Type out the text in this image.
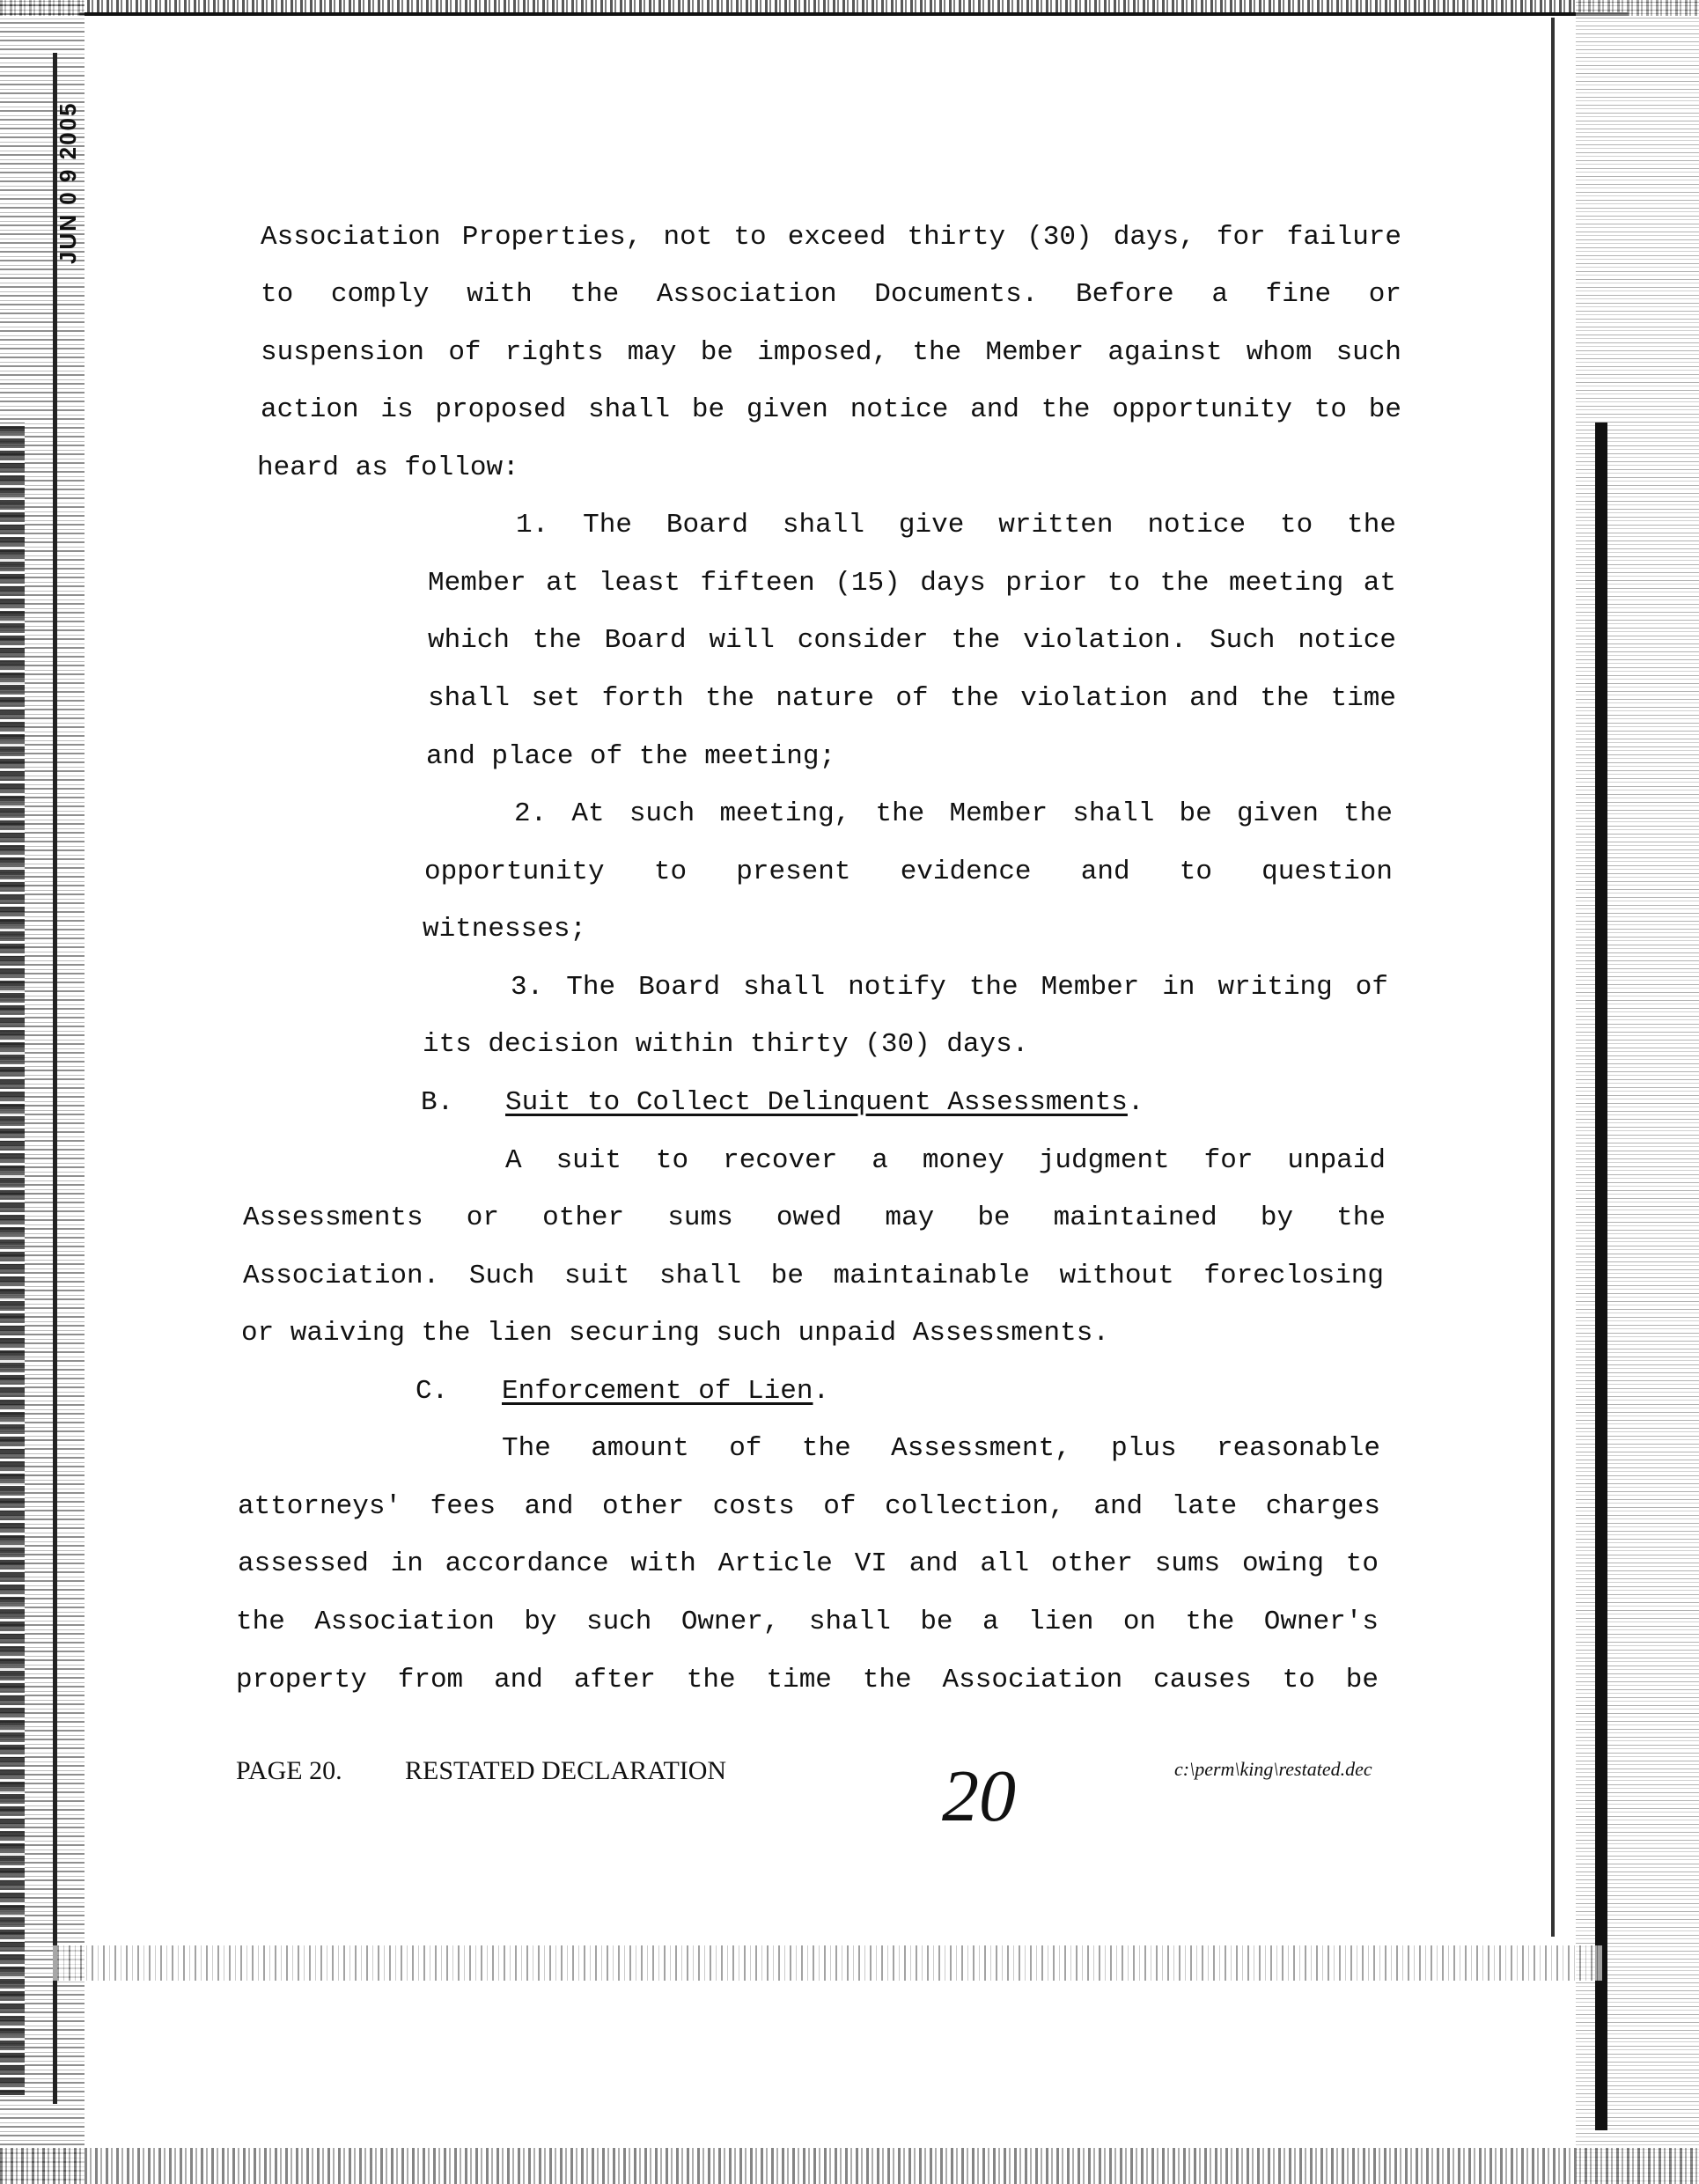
JUN 0 9 2005	Association Properties, not to exceed thirty (30) days, for failure
to comply with the Association Documents. Before a fine or
suspension of rights may be imposed, the Member against whom such
action is proposed shall be given notice and the opportunity to be
heard as follow:
1. The Board shall give written notice to the
Member at least fifteen (15) days prior to the meeting at
which the Board will consider the violation. Such notice
shall set forth the nature of the violation and the time
and place of the meeting;
2. At such meeting, the Member shall be given the
opportunity to present evidence and to question
witnesses;
3. The Board shall notify the Member in writing of
its decision within thirty (30) days.
B. Suit to Collect Delinquent Assessments.
A suit to recover a money judgment for unpaid
Assessments or other sums owed may be maintained by the
Association. Such suit shall be maintainable without foreclosing
or waiving the lien securing such unpaid Assessments.
C. Enforcement of Lien.
The amount of the Assessment, plus reasonable
attorneys' fees and other costs of collection, and late charges
assessed in accordance with Article VI and all other sums owing to
the Association by such Owner, shall be a lien on the Owner's
property from and after the time the Association causes to be
PAGE 20. RESTATED DECLARATION	20	c:\perm\king\restated.dec
